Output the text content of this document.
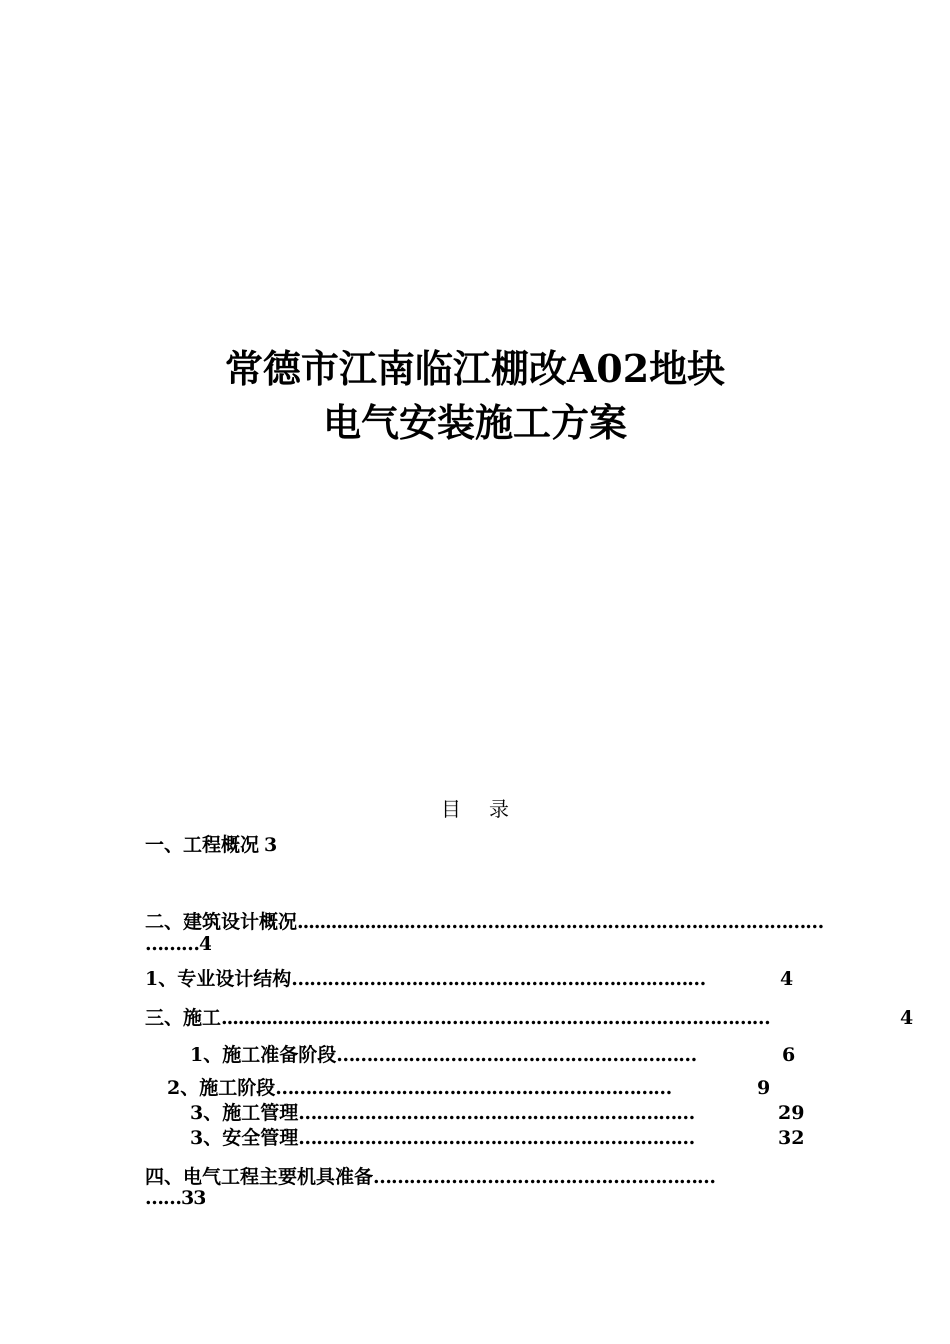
常德市江南临江棚改A02地块
电气安装施工方案
目录
一、工程概况 3
二、建筑设计概况....................……………………………………………………………
………4
1、专业设计结构……………………………………………………………	4
三、施工........................……………………………………………………………	4
1、施工准备阶段……………………………………………………	6
2、施工阶段…………………………………………………………	9
3、施工管理…………………………………………………………	29
3、安全管理…………………………………………………………	32
四、电气工程主要机具准备…………………………………………………
……33
